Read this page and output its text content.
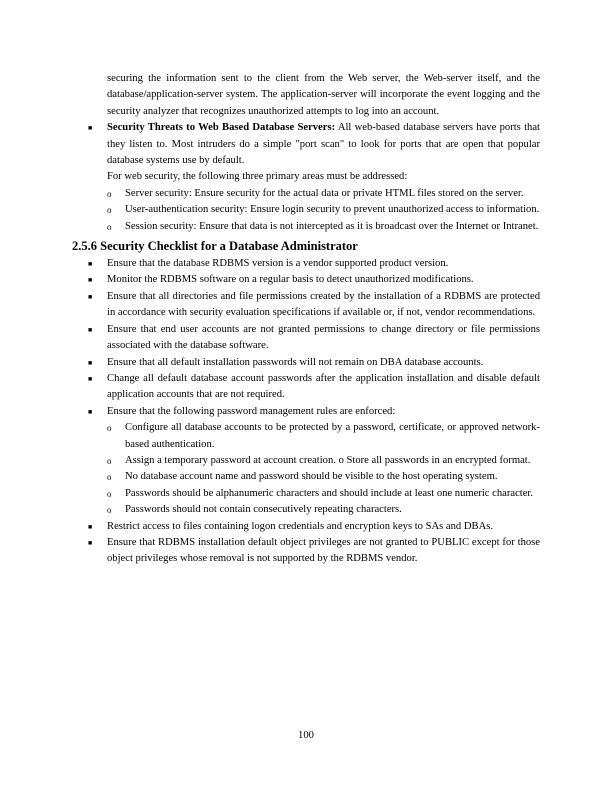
securing the information sent to the client from the Web server, the Web-server itself, and the database/application-server system. The application-server will incorporate the event logging and the security analyzer that recognizes unauthorized attempts to log into an account.

■ Security Threats to Web Based Database Servers: All web-based database servers have ports that they listen to. Most intruders do a simple "port scan" to look for ports that are open that popular database systems use by default.

For web security, the following three primary areas must be addressed:

o Server security: Ensure security for the actual data or private HTML files stored on the server.
o User-authentication security: Ensure login security to prevent unauthorized access to information.
o Session security: Ensure that data is not intercepted as it is broadcast over the Internet or Intranet.
2.5.6 Security Checklist for a Database Administrator
■ Ensure that the database RDBMS version is a vendor supported product version.
■ Monitor the RDBMS software on a regular basis to detect unauthorized modifications.
■ Ensure that all directories and file permissions created by the installation of a RDBMS are protected in accordance with security evaluation specifications if available or, if not, vendor recommendations.
■ Ensure that end user accounts are not granted permissions to change directory or file permissions associated with the database software.
■ Ensure that all default installation passwords will not remain on DBA database accounts.
■ Change all default database account passwords after the application installation and disable default application accounts that are not required.
■ Ensure that the following password management rules are enforced:
o Configure all database accounts to be protected by a password, certificate, or approved network-based authentication.
o Assign a temporary password at account creation. o Store all passwords in an encrypted format.
o No database account name and password should be visible to the host operating system.
o Passwords should be alphanumeric characters and should include at least one numeric character.
o Passwords should not contain consecutively repeating characters.
■ Restrict access to files containing logon credentials and encryption keys to SAs and DBAs.
■ Ensure that RDBMS installation default object privileges are not granted to PUBLIC except for those object privileges whose removal is not supported by the RDBMS vendor.
100
